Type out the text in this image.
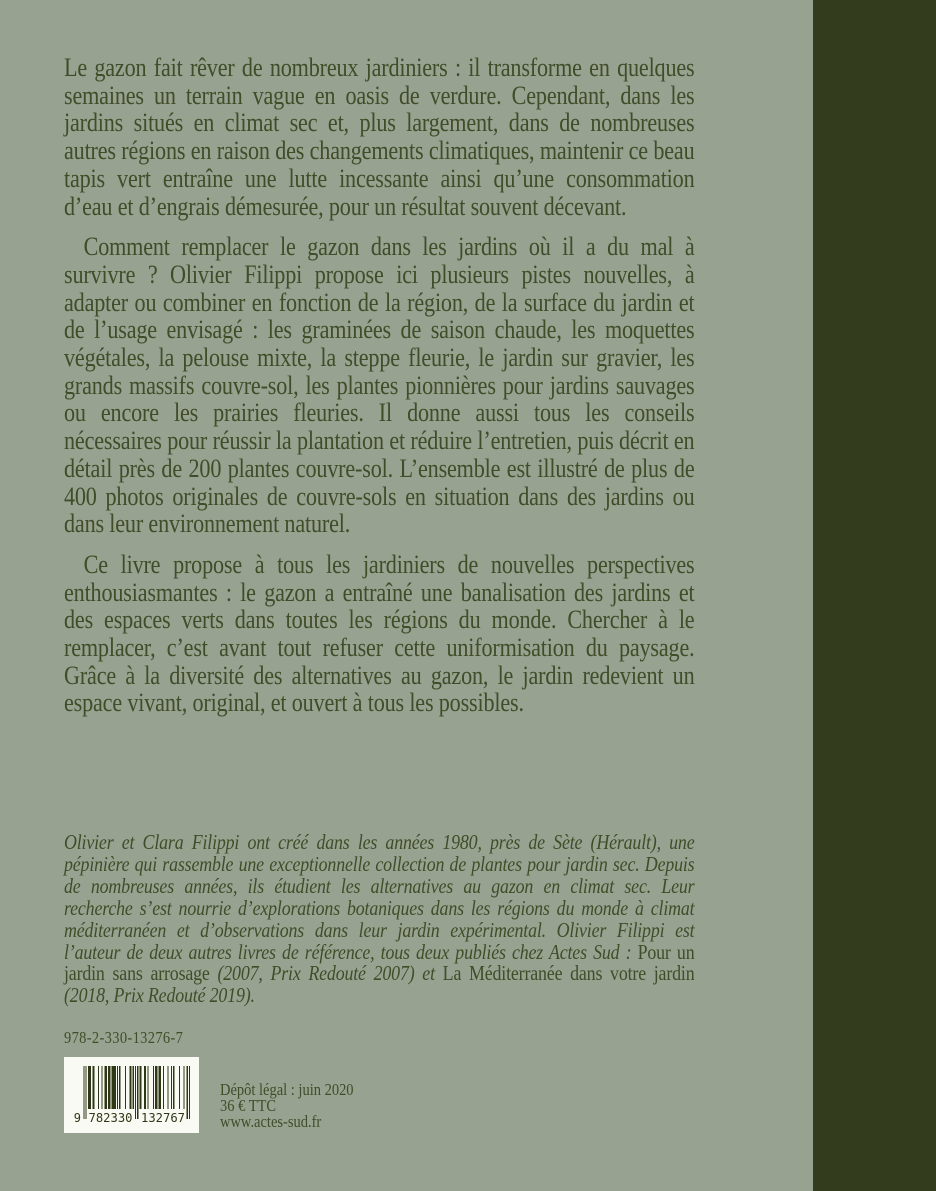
Le gazon fait rêver de nombreux jardiniers : il transforme en quelques semaines un terrain vague en oasis de verdure. Cependant, dans les jardins situés en climat sec et, plus largement, dans de nombreuses autres régions en raison des changements climatiques, maintenir ce beau tapis vert entraîne une lutte incessante ainsi qu’une consommation d’eau et d’engrais démesurée, pour un résultat souvent décevant.

Comment remplacer le gazon dans les jardins où il a du mal à survivre ? Olivier Filippi propose ici plusieurs pistes nouvelles, à adapter ou combiner en fonction de la région, de la surface du jardin et de l’usage envisagé : les graminées de saison chaude, les moquettes végétales, la pelouse mixte, la steppe fleurie, le jardin sur gravier, les grands massifs couvre-sol, les plantes pionnières pour jardins sauvages ou encore les prairies fleuries. Il donne aussi tous les conseils nécessaires pour réussir la plantation et réduire l’entretien, puis décrit en détail près de 200 plantes couvre-sol. L’ensemble est illustré de plus de 400 photos originales de couvre-sols en situation dans des jardins ou dans leur environnement naturel.

Ce livre propose à tous les jardiniers de nouvelles perspectives enthousiasmantes : le gazon a entraîné une banalisation des jardins et des espaces verts dans toutes les régions du monde. Chercher à le remplacer, c’est avant tout refuser cette uniformisation du paysage. Grâce à la diversité des alternatives au gazon, le jardin redevient un espace vivant, original, et ouvert à tous les possibles.

Olivier et Clara Filippi ont créé dans les années 1980, près de Sète (Hérault), une pépinière qui rassemble une exceptionnelle collection de plantes pour jardin sec. Depuis de nombreuses années, ils étudient les alternatives au gazon en climat sec. Leur recherche s’est nourrie d’explorations botaniques dans les régions du monde à climat méditerranéen et d’observations dans leur jardin expérimental. Olivier Filippi est l’auteur de deux autres livres de référence, tous deux publiés chez Actes Sud : Pour un jardin sans arrosage (2007, Prix Redouté 2007) et La Méditerranée dans votre jardin (2018, Prix Redouté 2019).
978-2-330-13276-7
9 782330 132767
Dépôt légal : juin 2020
36 € TTC
www.actes-sud.fr
